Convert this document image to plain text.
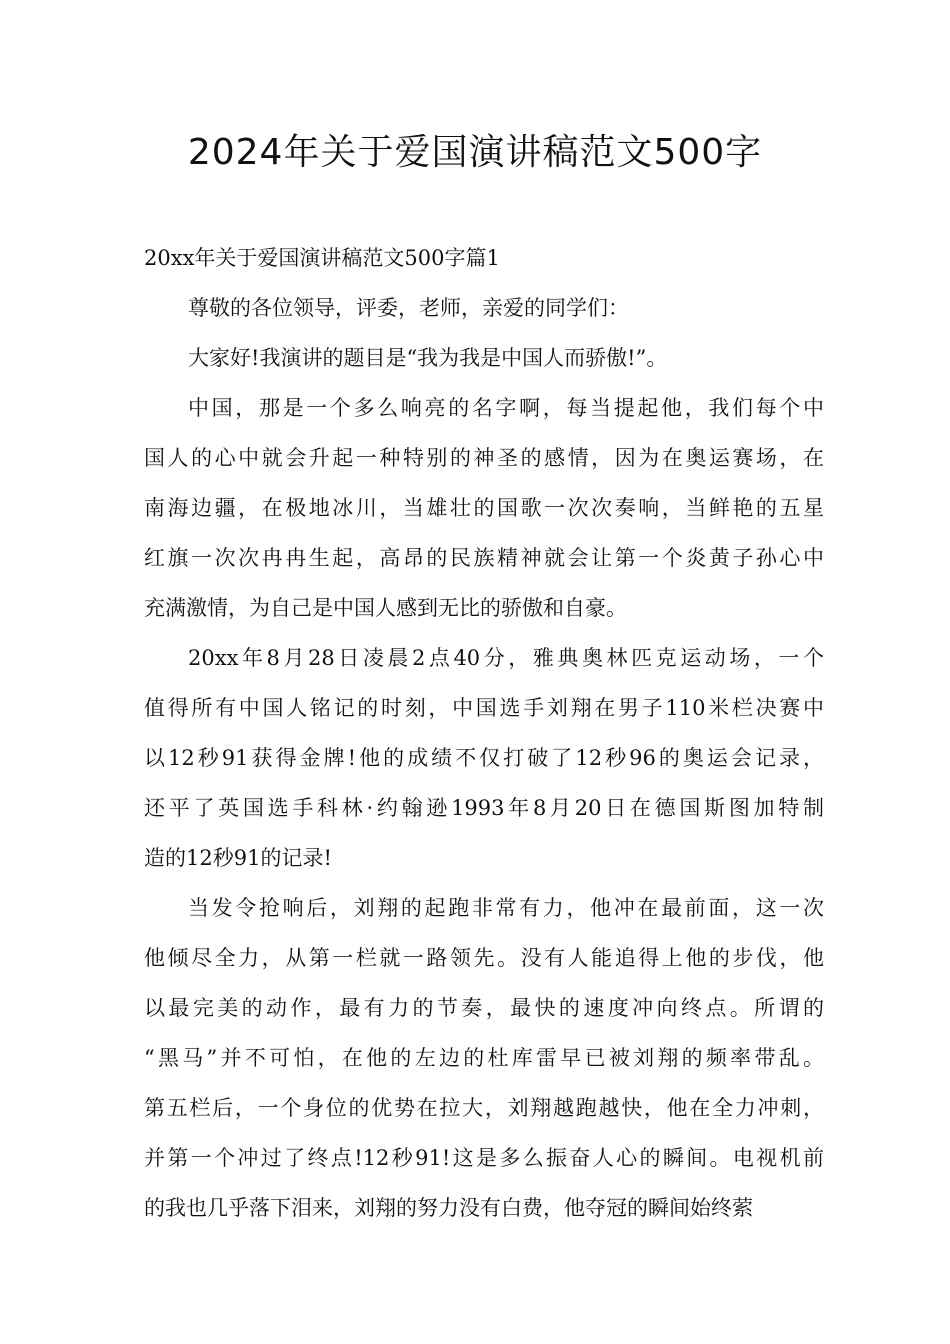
2024年关于爱国演讲稿范文500字

20xx年关于爱国演讲稿范文500字篇1

尊敬的各位领导，评委，老师，亲爱的同学们：

大家好!我演讲的题目是“我为我是中国人而骄傲!”。

中国，那是一个多么响亮的名字啊，每当提起他，我们每个中
国人的心中就会升起一种特别的神圣的感情，因为在奥运赛场，在
南海边疆，在极地冰川，当雄壮的国歌一次次奏响，当鲜艳的五星
红旗一次次冉冉生起，高昂的民族精神就会让第一个炎黄子孙心中
充满激情，为自己是中国人感到无比的骄傲和自豪。

20xx年8月28日凌晨2点40分，雅典奥林匹克运动场，一个
值得所有中国人铭记的时刻，中国选手刘翔在男子110米栏决赛中
以12秒91获得金牌!他的成绩不仅打破了12秒96的奥运会记录，
还平了英国选手科林·约翰逊1993年8月20日在德国斯图加特制
造的12秒91的记录!

当发令抢响后，刘翔的起跑非常有力，他冲在最前面，这一次
他倾尽全力，从第一栏就一路领先。没有人能追得上他的步伐，他
以最完美的动作，最有力的节奏，最快的速度冲向终点。所谓的
“黑马”并不可怕，在他的左边的杜库雷早已被刘翔的频率带乱。
第五栏后，一个身位的优势在拉大，刘翔越跑越快，他在全力冲刺，
并第一个冲过了终点!12秒91!这是多么振奋人心的瞬间。电视机前
的我也几乎落下泪来，刘翔的努力没有白费，他夺冠的瞬间始终萦
